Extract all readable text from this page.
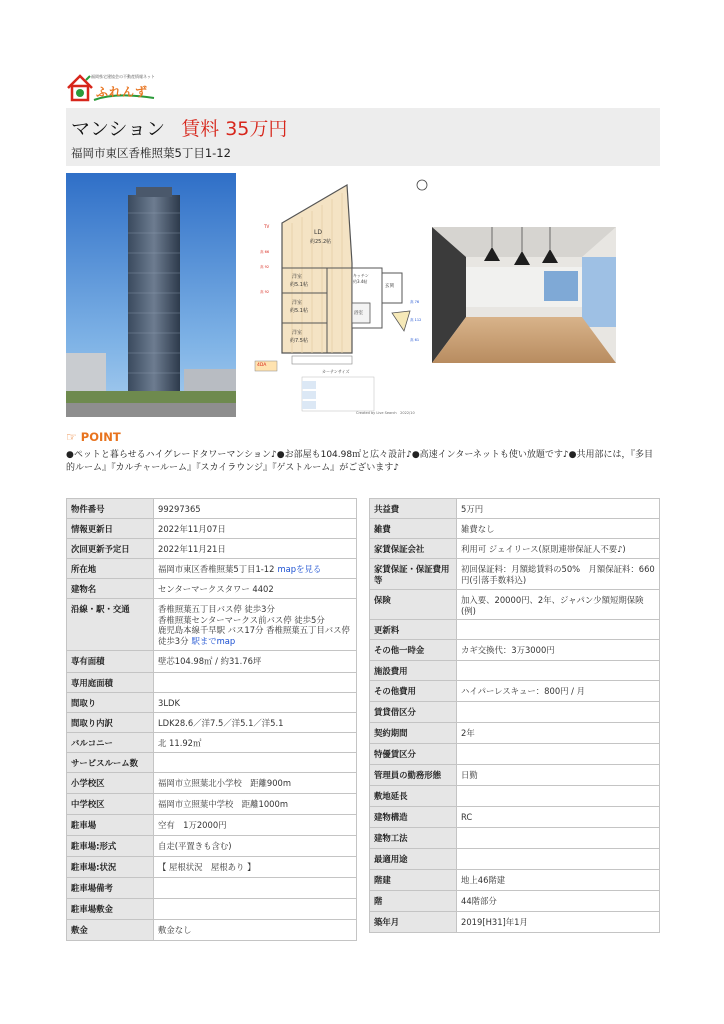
福岡県宅建協会の不動産情報ネット
ふれんず
マンション 賃料 35万円
福岡市東区香椎照葉5丁目1-12
TV
高 66
高 92
高 92
高 76
高 112
高 61
LD
約25.2帖
洋室
約5.1帖
洋室
約5.1帖
洋室
約7.5帖
キッチン
約3.4帖
玄関
浴室
4DA
カーテンサイズ
Created by Live Search　2022/10
☞ POINT
●ペットと暮らせるハイグレードタワーマンション♪●お部屋も104.98㎡と広々設計♪●高速インターネットも使い放題です♪●共用部には，『多目的ルーム』『カルチャールーム』『スカイラウンジ』『ゲストルーム』がございます♪
物件番号	99297365
情報更新日	2022年11月07日
次回更新予定日	2022年11月21日
所在地	福岡市東区香椎照葉5丁目1-12 mapを見る
建物名	センターマークスタワー 4402
沿線・駅・交通	香椎照葉五丁目バス停 徒歩3分
香椎照葉センターマークス前バス停 徒歩5分
鹿児島本線千早駅 バス17分 香椎照葉五丁目バス停 徒歩3分 駅までmap
専有面積	壁芯104.98㎡ / 約31.76坪
専用庭面積	
間取り	3LDK
間取り内訳	LDK28.6／洋7.5／洋5.1／洋5.1
バルコニー	北 11.92㎡
サービスルーム数	
小学校区	福岡市立照葉北小学校　距離900m
中学校区	福岡市立照葉中学校　距離1000m
駐車場	空有　1万2000円
駐車場:形式	自走(平置きも含む)
駐車場:状況	【 屋根状況　屋根あり 】
駐車場備考	
駐車場敷金	
敷金	敷金なし
共益費	5万円
雑費	雑費なし
家賃保証会社	利用可 ジェイリース(原則連帯保証人不要♪)
家賃保証・保証費用等	初回保証料：月額総賃料の50%　月額保証料：660円(引落手数料込)
保険	加入要、20000円、2年、ジャパン少額短期保険(例)
更新料	
その他一時金	カギ交換代：3万3000円
施設費用	
その他費用	ハイパーレスキュー：800円 / 月
賃貸借区分	
契約期間	2年
特優賃区分	
管理員の勤務形態	日勤
敷地延長	
建物構造	RC
建物工法	
最適用途	
階建	地上46階建
階	44階部分
築年月	2019[H31]年1月
